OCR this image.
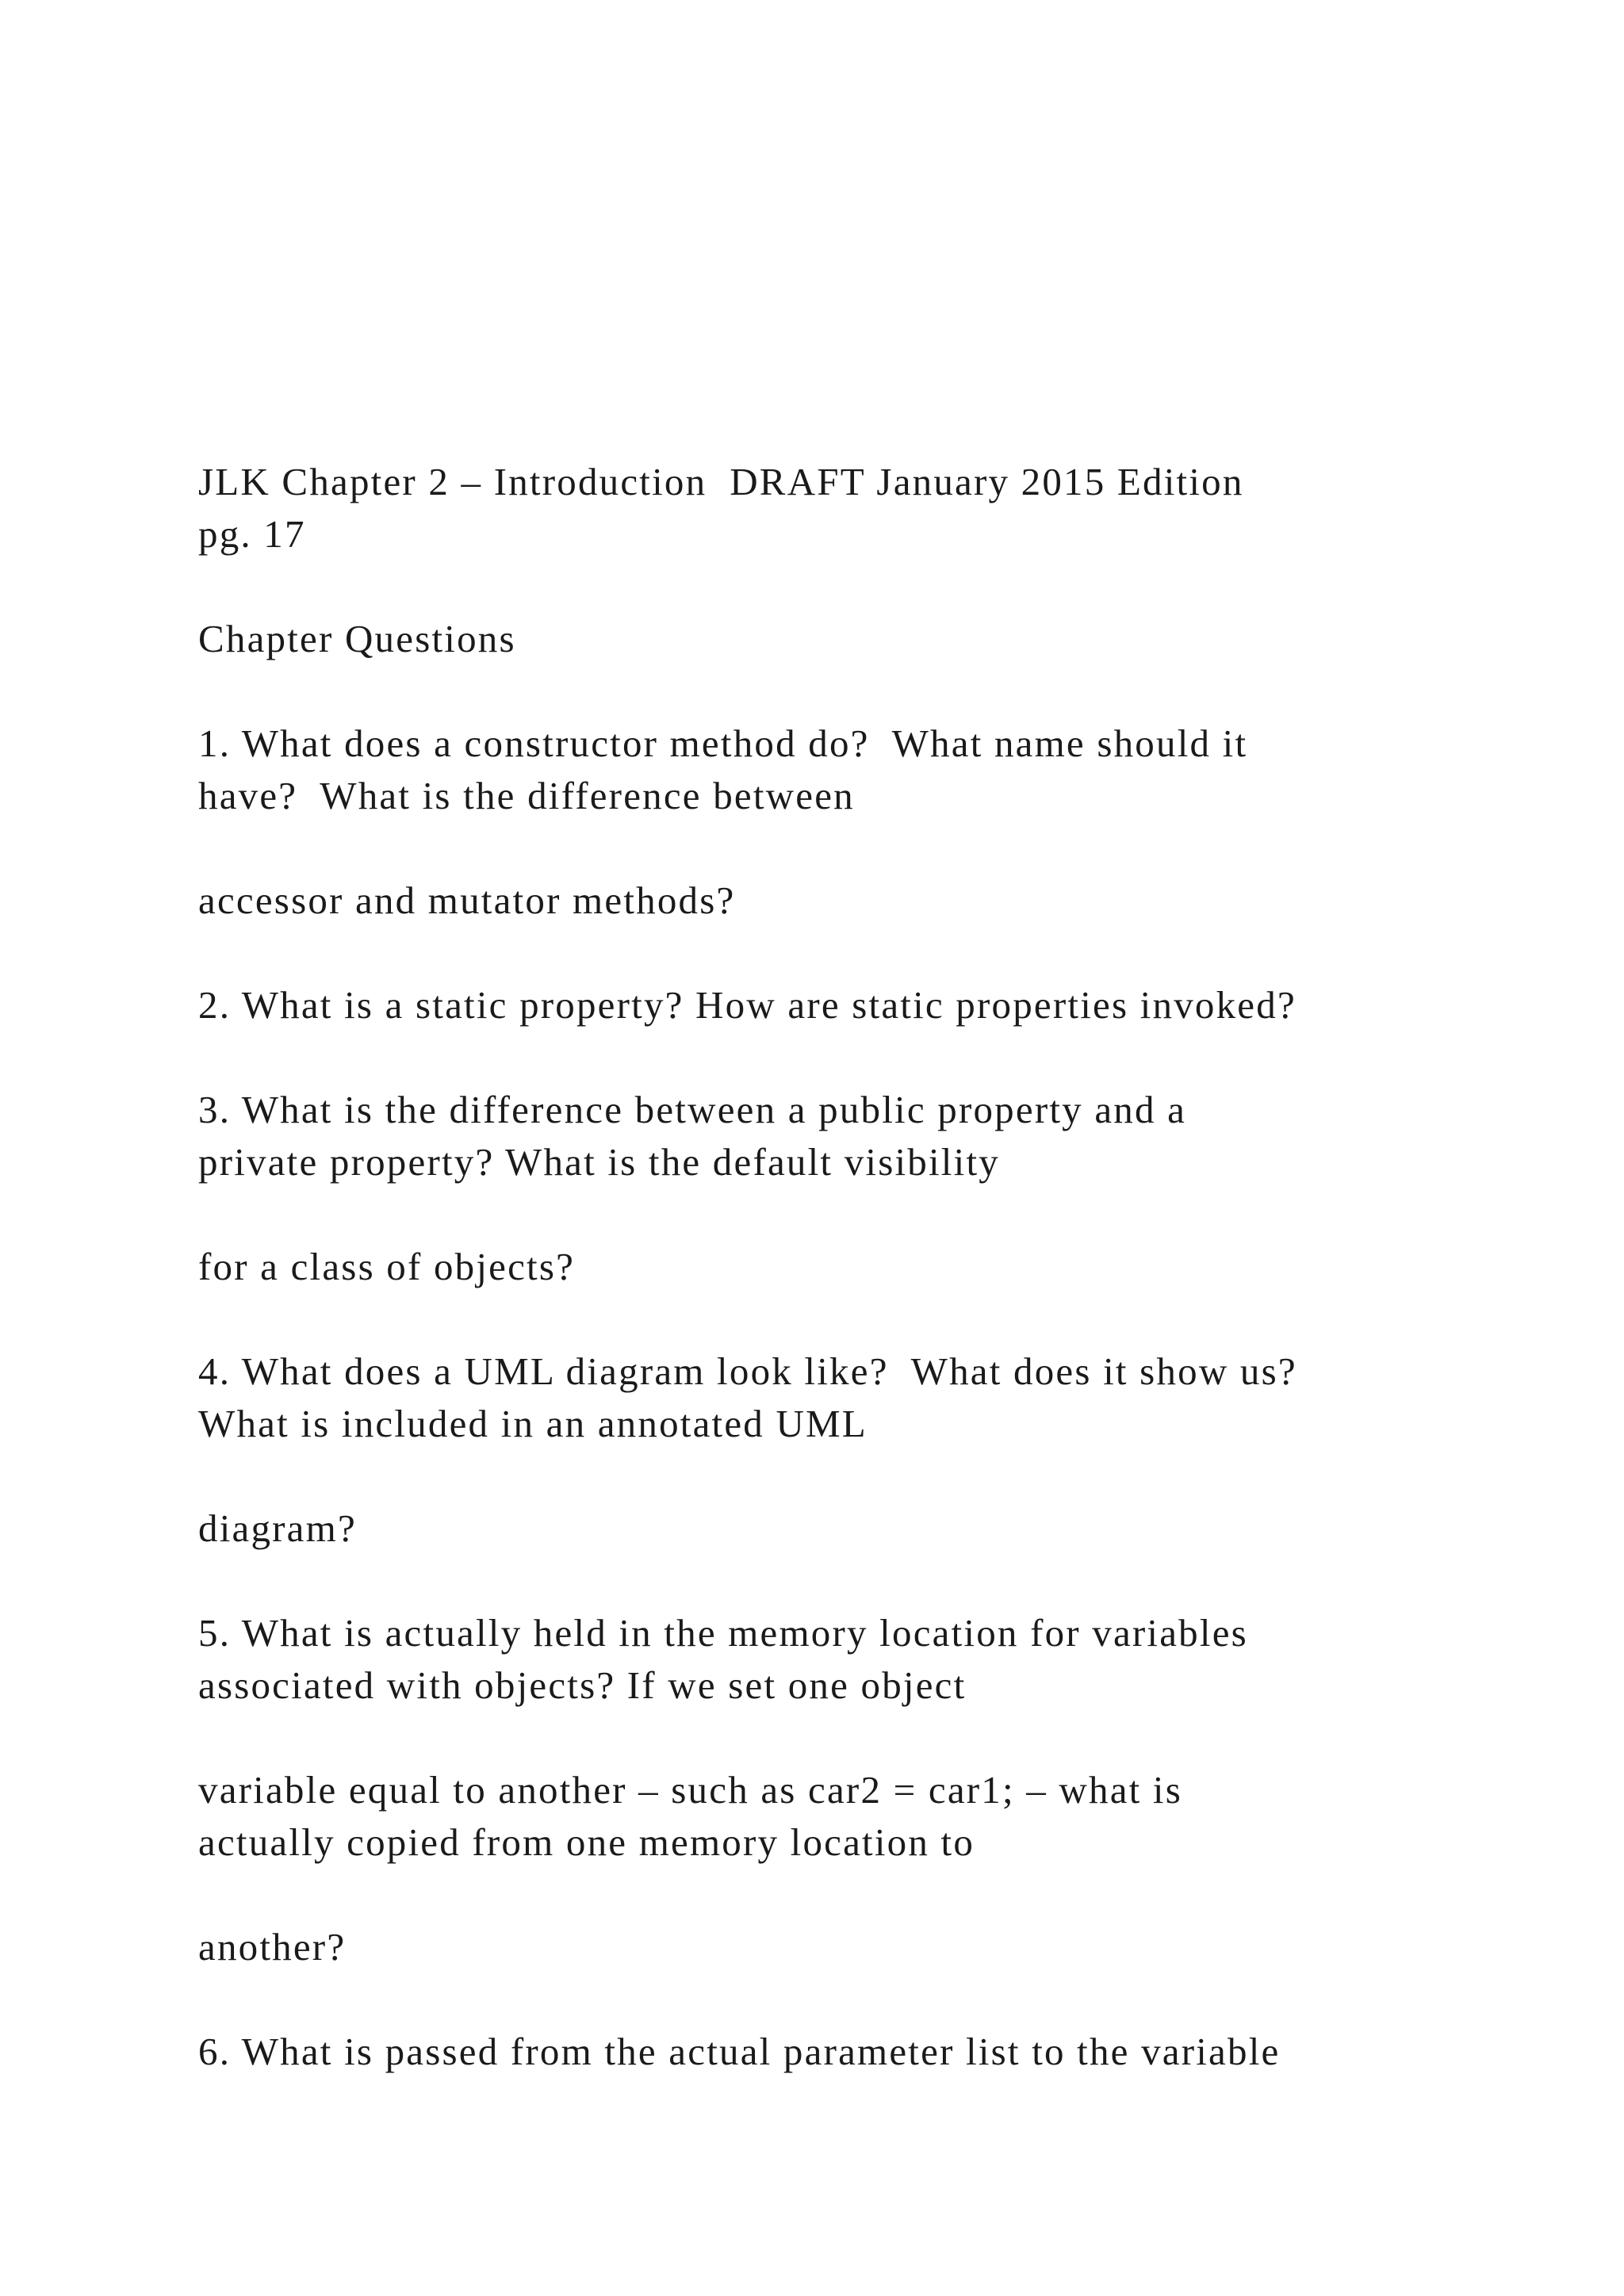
JLK Chapter 2 – Introduction  DRAFT January 2015 Edition

pg. 17

Chapter Questions

1. What does a constructor method do?  What name should it

have?  What is the difference between

accessor and mutator methods?

2. What is a static property? How are static properties invoked?

3. What is the difference between a public property and a

private property? What is the default visibility

for a class of objects?

4. What does a UML diagram look like?  What does it show us?

What is included in an annotated UML

diagram?

5. What is actually held in the memory location for variables

associated with objects? If we set one object

variable equal to another – such as car2 = car1; – what is

actually copied from one memory location to

another?

6. What is passed from the actual parameter list to the variable
